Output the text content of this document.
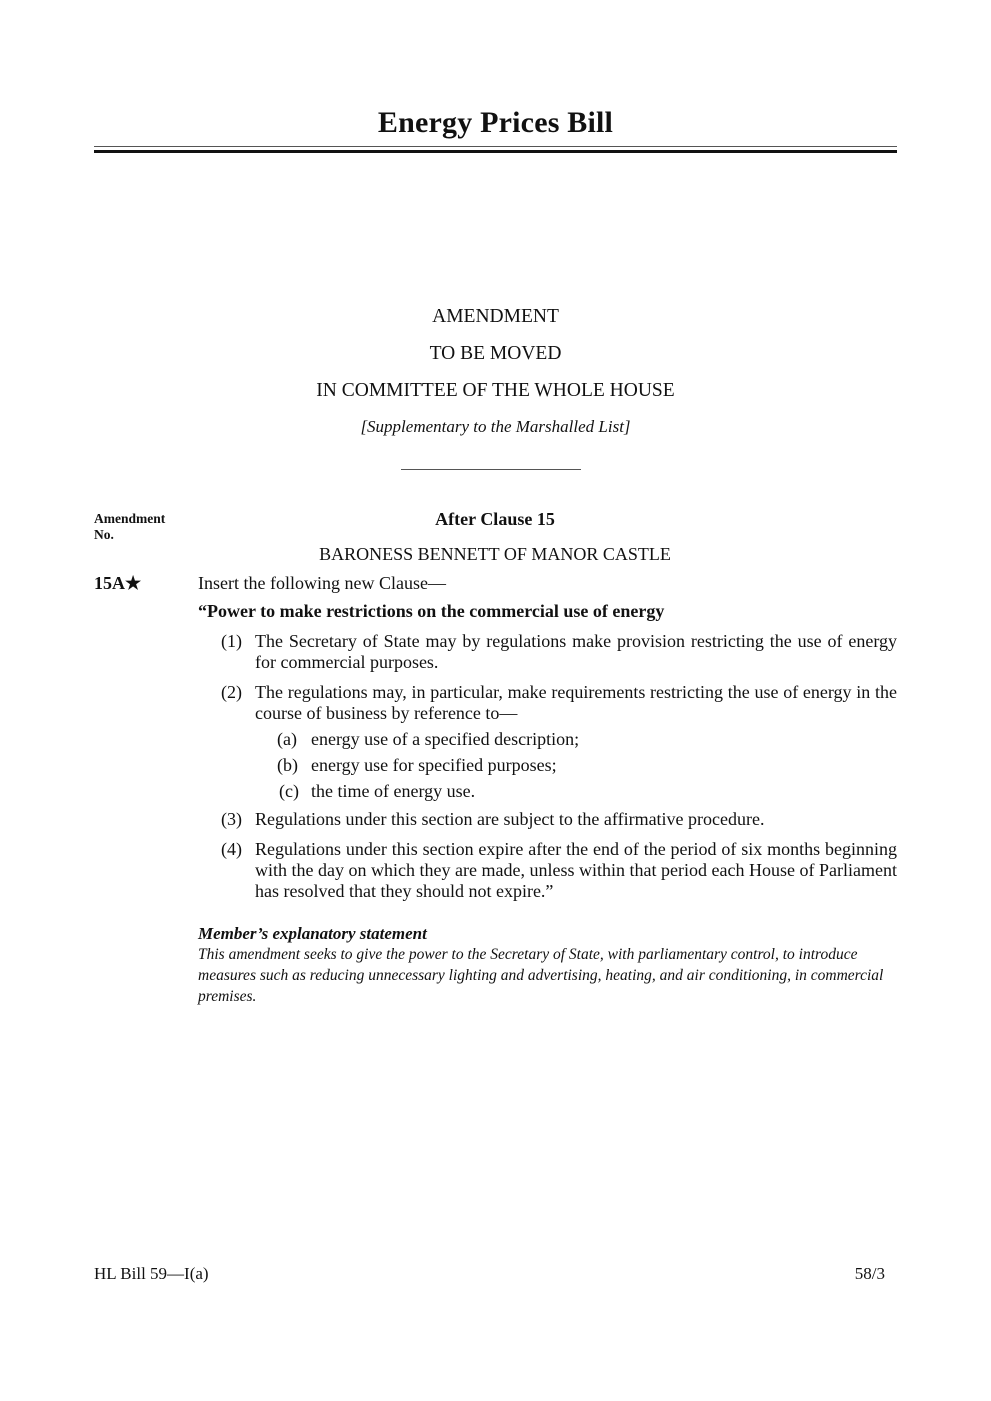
Energy Prices Bill
AMENDMENT
TO BE MOVED
IN COMMITTEE OF THE WHOLE HOUSE
[Supplementary to the Marshalled List]
Amendment
No.
After Clause 15
BARONESS BENNETT OF MANOR CASTLE
15A★	Insert the following new Clause—
“Power to make restrictions on the commercial use of energy
(1) The Secretary of State may by regulations make provision restricting the use of energy for commercial purposes.
(2) The regulations may, in particular, make requirements restricting the use of energy in the course of business by reference to—
(a) energy use of a specified description;
(b) energy use for specified purposes;
(c) the time of energy use.
(3) Regulations under this section are subject to the affirmative procedure.
(4) Regulations under this section expire after the end of the period of six months beginning with the day on which they are made, unless within that period each House of Parliament has resolved that they should not expire.”
Member’s explanatory statement
This amendment seeks to give the power to the Secretary of State, with parliamentary control, to introduce measures such as reducing unnecessary lighting and advertising, heating, and air conditioning, in commercial premises.
HL Bill 59—I(a)	58/3
